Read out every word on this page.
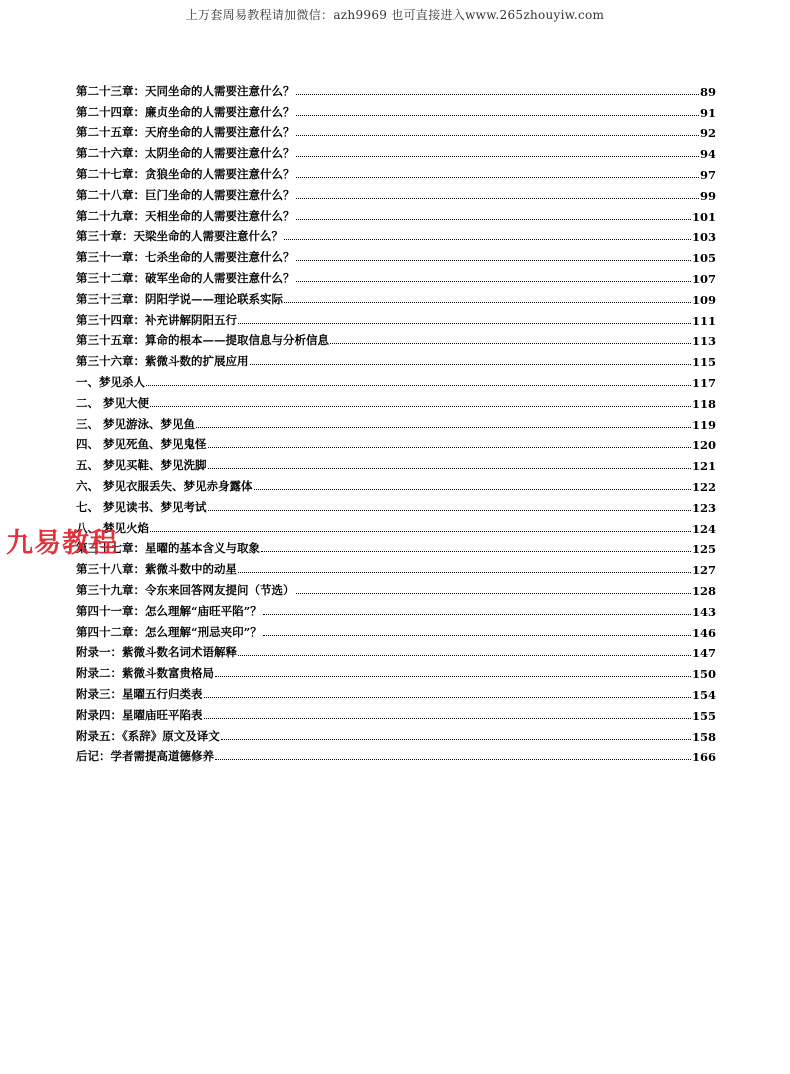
上万套周易教程请加微信：azh9969 也可直接进入www.265zhouyiw.com
第二十三章：天同坐命的人需要注意什么？	89
第二十四章：廉贞坐命的人需要注意什么？	91
第二十五章：天府坐命的人需要注意什么？	92
第二十六章：太阴坐命的人需要注意什么？	94
第二十七章：贪狼坐命的人需要注意什么？	97
第二十八章：巨门坐命的人需要注意什么？	99
第二十九章：天相坐命的人需要注意什么？	101
第三十章：天梁坐命的人需要注意什么？	103
第三十一章：七杀坐命的人需要注意什么？	105
第三十二章：破军坐命的人需要注意什么？	107
第三十三章：阴阳学说——理论联系实际	109
第三十四章：补充讲解阴阳五行	111
第三十五章：算命的根本——提取信息与分析信息	113
第三十六章：紫微斗数的扩展应用	115
一、梦见杀人	117
二、 梦见大便	118
三、 梦见游泳、梦见鱼	119
四、 梦见死鱼、梦见鬼怪	120
五、 梦见买鞋、梦见洗脚	121
六、 梦见衣服丢失、梦见赤身露体	122
七、 梦见读书、梦见考试	123
八、 梦见火焰	124
第三十七章：星曜的基本含义与取象	125
第三十八章：紫微斗数中的动星	127
第三十九章：令东来回答网友提问（节选）	128
第四十一章：怎么理解“庙旺平陷”？	143
第四十二章：怎么理解“刑忌夹印”？	146
附录一：紫微斗数名词术语解释	147
附录二：紫微斗数富贵格局	150
附录三：星曜五行归类表	154
附录四：星曜庙旺平陷表	155
附录五：《系辞》原文及译文	158
后记：学者需提高道德修养	166
九易教程
